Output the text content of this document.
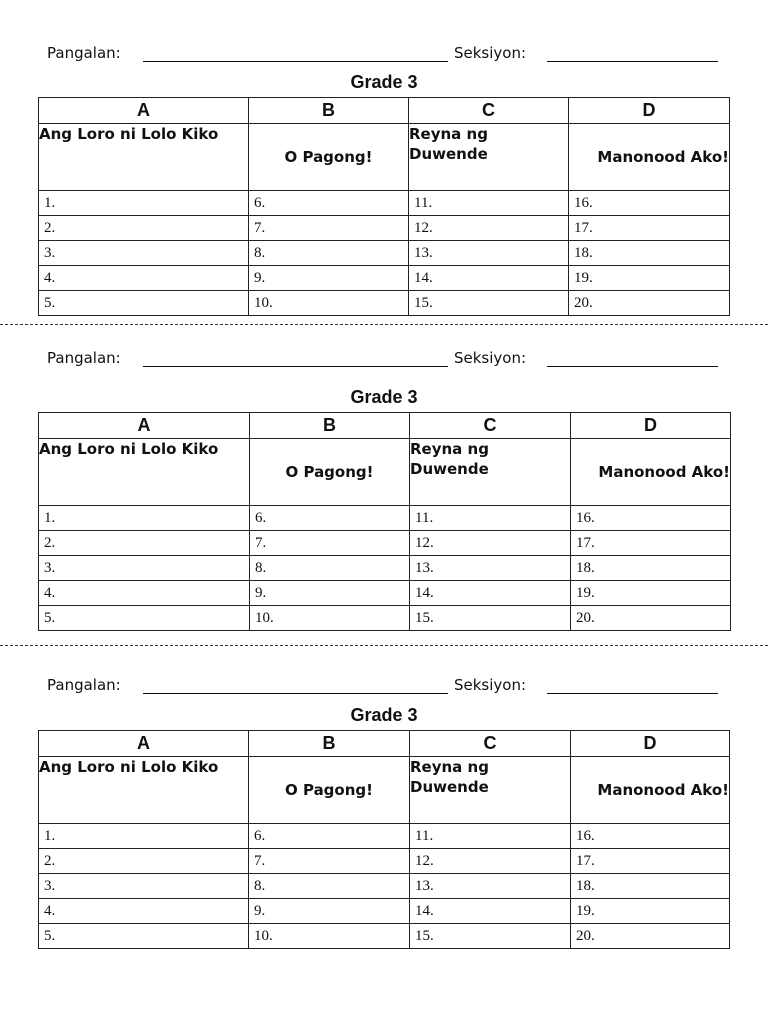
Pangalan:	Seksiyon:
Grade 3
A	B	C	D
Ang Loro ni Lolo Kiko	O Pagong!	Reyna ng Duwende	Manonood Ako!
1.	6.	11.	16.
2.	7.	12.	17.
3.	8.	13.	18.
4.	9.	14.	19.
5.	10.	15.	20.
Pangalan:	Seksiyon:
Grade 3
A	B	C	D
Ang Loro ni Lolo Kiko	O Pagong!	Reyna ng Duwende	Manonood Ako!
1.	6.	11.	16.
2.	7.	12.	17.
3.	8.	13.	18.
4.	9.	14.	19.
5.	10.	15.	20.
Pangalan:	Seksiyon:
Grade 3
A	B	C	D
Ang Loro ni Lolo Kiko	O Pagong!	Reyna ng Duwende	Manonood Ako!
1.	6.	11.	16.
2.	7.	12.	17.
3.	8.	13.	18.
4.	9.	14.	19.
5.	10.	15.	20.
